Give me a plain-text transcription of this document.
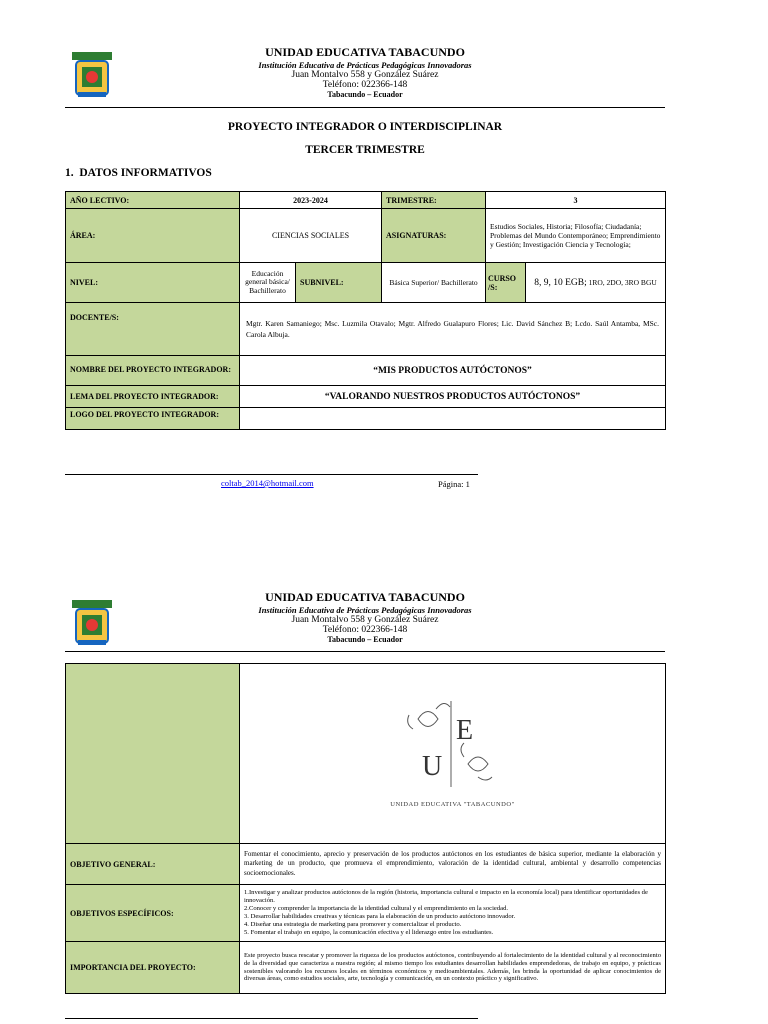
UNIDAD EDUCATIVA TABACUNDO
Institución Educativa de Prácticas Pedagógicas Innovadoras
Juan Montalvo 558 y González Suárez
Teléfono: 022366-148
Tabacundo – Ecuador
PROYECTO INTEGRADOR O INTERDISCIPLINAR
TERCER TRIMESTRE
1.  DATOS INFORMATIVOS
AÑO LECTIVO:	2023-2024		TRIMESTRE:	3	
ÁREA:	CIENCIAS SOCIALES		ASIGNATURAS:	Estudios Sociales, Historia; Filosofía; Ciudadanía; Problemas del Mundo Contemporáneo; Emprendimiento y Gestión; Investigación Ciencia y Tecnología;	
NIVEL:	Educación general básica/ Bachillerato	SUBNIVEL:	Básica Superior/ Bachillerato	CURSO /S:	8, 9, 10 EGB; 1RO, 2DO, 3RO BGU
DOCENTE/S:	Mgtr. Karen Samaniego; Msc. Luzmila Otavalo; Mgtr. Alfredo Gualapuro Flores; Lic. David Sánchez B; Lcdo. Saúl Antamba, MSc. Carola Albuja.				
NOMBRE DEL PROYECTO INTEGRADOR:	“MIS PRODUCTOS AUTÓCTONOS”				
LEMA DEL PROYECTO INTEGRADOR:	“VALORANDO NUESTROS PRODUCTOS AUTÓCTONOS”				
LOGO DEL PROYECTO INTEGRADOR:					
coltab_2014@hotmail.com	Página: 1
UNIDAD EDUCATIVA TABACUNDO
Institución Educativa de Prácticas Pedagógicas Innovadoras
Juan Montalvo 558 y González Suárez
Teléfono: 022366-148
Tabacundo – Ecuador

E
U
UNIDAD EDUCATIVA "TABACUNDO"

OBJETIVO GENERAL:	Fomentar el conocimiento, aprecio y preservación de los productos autóctonos en los estudiantes de básica superior, mediante la elaboración y marketing de un producto, que promueva el emprendimiento, valoración de la identidad cultural, ambiental y desarrollo competencias socioemocionales.
OBJETIVOS ESPECÍFICOS:	1.Investigar y analizar productos autóctonos de la región (historia, importancia cultural e impacto en la economía local) para identificar oportunidades de innovación.
2.Conocer y comprender la importancia de la identidad cultural y el emprendimiento en la sociedad.
3. Desarrollar habilidades creativas y técnicas para la elaboración de un producto autóctono innovador.
4. Diseñar una estrategia de marketing para promover y comercializar el producto.
5. Fomentar el trabajo en equipo, la comunicación efectiva y el liderazgo entre los estudiantes.

IMPORTANCIA DEL PROYECTO:	Este proyecto busca rescatar y promover la riqueza de los productos autóctonos, contribuyendo al fortalecimiento de la identidad cultural y al reconocimiento de la diversidad que caracteriza a nuestra región; al mismo tiempo los estudiantes desarrollan habilidades emprendedoras, de trabajo en equipo, y prácticas sostenibles valorando los recursos locales en términos económicos y medioambientales. Además, les brinda la oportunidad de aplicar conocimientos de diversas áreas, como estudios sociales, arte, tecnología y comunicación, en un contexto práctico y significativo.
